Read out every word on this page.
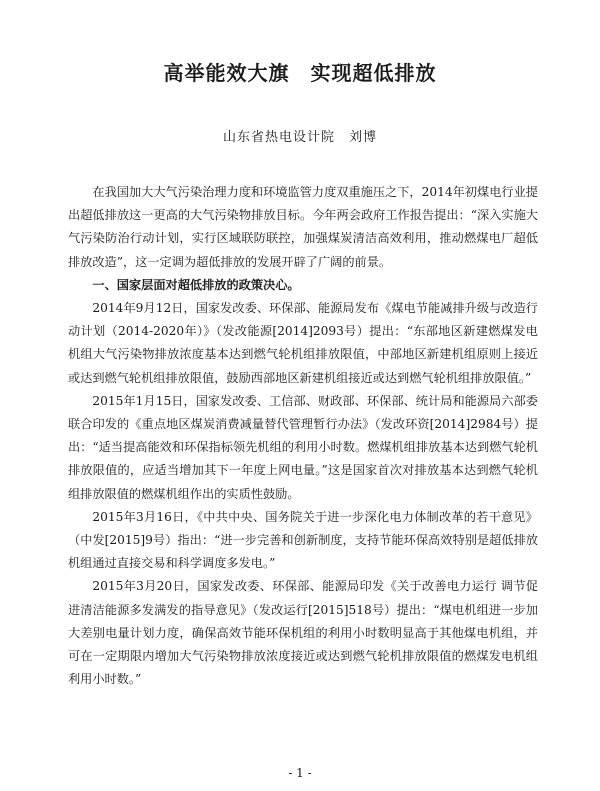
高举能效大旗　实现超低排放
山东省热电设计院　刘博

在我国加大大气污染治理力度和环境监管力度双重施压之下，2014年初煤电行业提出超低排放这一更高的大气污染物排放目标。今年两会政府工作报告提出：“深入实施大气污染防治行动计划，实行区域联防联控，加强煤炭清洁高效利用，推动燃煤电厂超低排放改造”，这一定调为超低排放的发展开辟了广阔的前景。

一、国家层面对超低排放的政策决心。

2014年9月12日，国家发改委、环保部、能源局发布《煤电节能减排升级与改造行动计划（2014-2020年）》（发改能源[2014]2093号）提出：“东部地区新建燃煤发电机组大气污染物排放浓度基本达到燃气轮机组排放限值，中部地区新建机组原则上接近或达到燃气轮机组排放限值，鼓励西部地区新建机组接近或达到燃气轮机组排放限值。”

2015年1月15日，国家发改委、工信部、财政部、环保部、统计局和能源局六部委联合印发的《重点地区煤炭消费减量替代管理暂行办法》（发改环资[2014]2984号）提出：“适当提高能效和环保指标领先机组的利用小时数。燃煤机组排放基本达到燃气轮机排放限值的，应适当增加其下一年度上网电量。”这是国家首次对排放基本达到燃气轮机组排放限值的燃煤机组作出的实质性鼓励。

2015年3月16日，《中共中央、国务院关于进一步深化电力体制改革的若干意见》（中发[2015]9号）指出：“进一步完善和创新制度，支持节能环保高效特别是超低排放机组通过直接交易和科学调度多发电。”

2015年3月20日，国家发改委、环保部、能源局印发《关于改善电力运行 调节促进清洁能源多发满发的指导意见》（发改运行[2015]518号）提出：“煤电机组进一步加大差别电量计划力度，确保高效节能环保机组的利用小时数明显高于其他煤电机组，并可在一定期限内增加大气污染物排放浓度接近或达到燃气轮机排放限值的燃煤发电机组利用小时数。”

- 1 -
